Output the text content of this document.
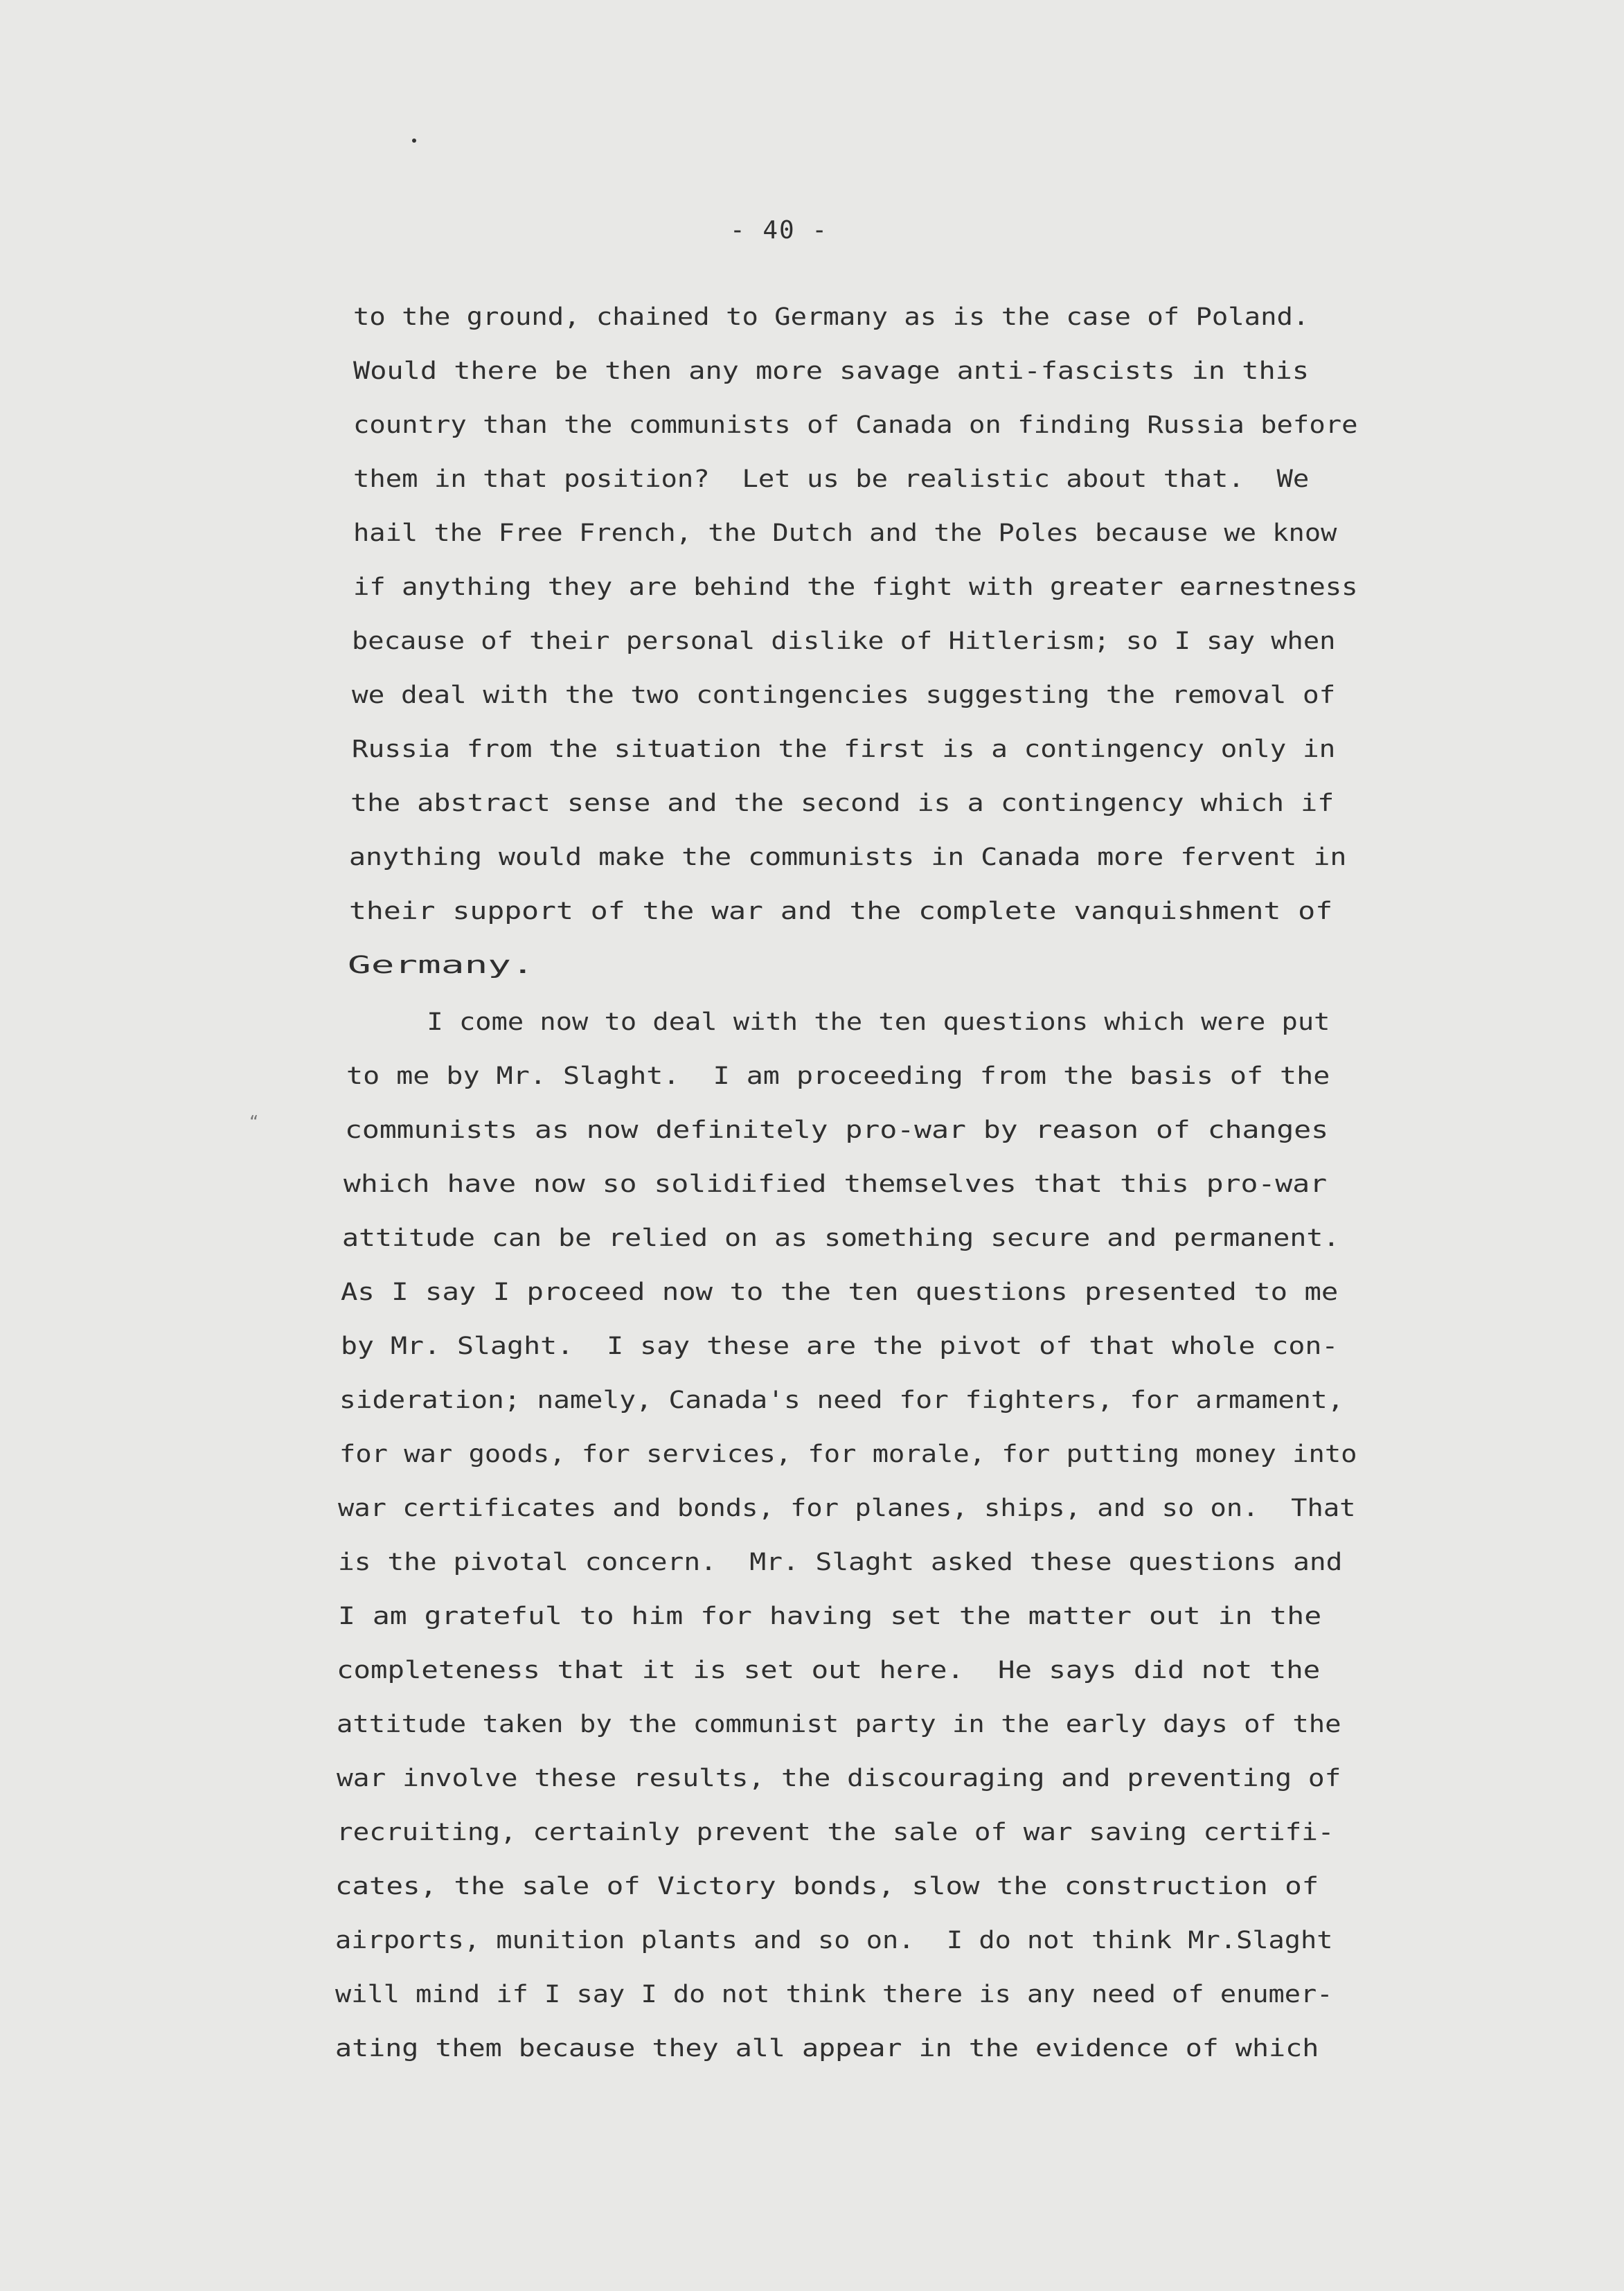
“
- 40 -
to the ground, chained to Germany as is the case of Poland.
Would there be then any more savage anti-fascists in this
country than the communists of Canada on finding Russia before
them in that position?  Let us be realistic about that.  We
hail the Free French, the Dutch and the Poles because we know
if anything they are behind the fight with greater earnestness
because of their personal dislike of Hitlerism; so I say when
we deal with the two contingencies suggesting the removal of
Russia from the situation the first is a contingency only in
the abstract sense and the second is a contingency which if
anything would make the communists in Canada more fervent in
their support of the war and the complete vanquishment of
Germany.
I come now to deal with the ten questions which were put
to me by Mr. Slaght.  I am proceeding from the basis of the
communists as now definitely pro-war by reason of changes
which have now so solidified themselves that this pro-war
attitude can be relied on as something secure and permanent.
As I say I proceed now to the ten questions presented to me
by Mr. Slaght.  I say these are the pivot of that whole con-
sideration; namely, Canada's need for fighters, for armament,
for war goods, for services, for morale, for putting money into
war certificates and bonds, for planes, ships, and so on.  That
is the pivotal concern.  Mr. Slaght asked these questions and
I am grateful to him for having set the matter out in the
completeness that it is set out here.  He says did not the
attitude taken by the communist party in the early days of the
war involve these results, the discouraging and preventing of
recruiting, certainly prevent the sale of war saving certifi-
cates, the sale of Victory bonds, slow the construction of
airports, munition plants and so on.  I do not think Mr.Slaght
will mind if I say I do not think there is any need of enumer-
ating them because they all appear in the evidence of which
